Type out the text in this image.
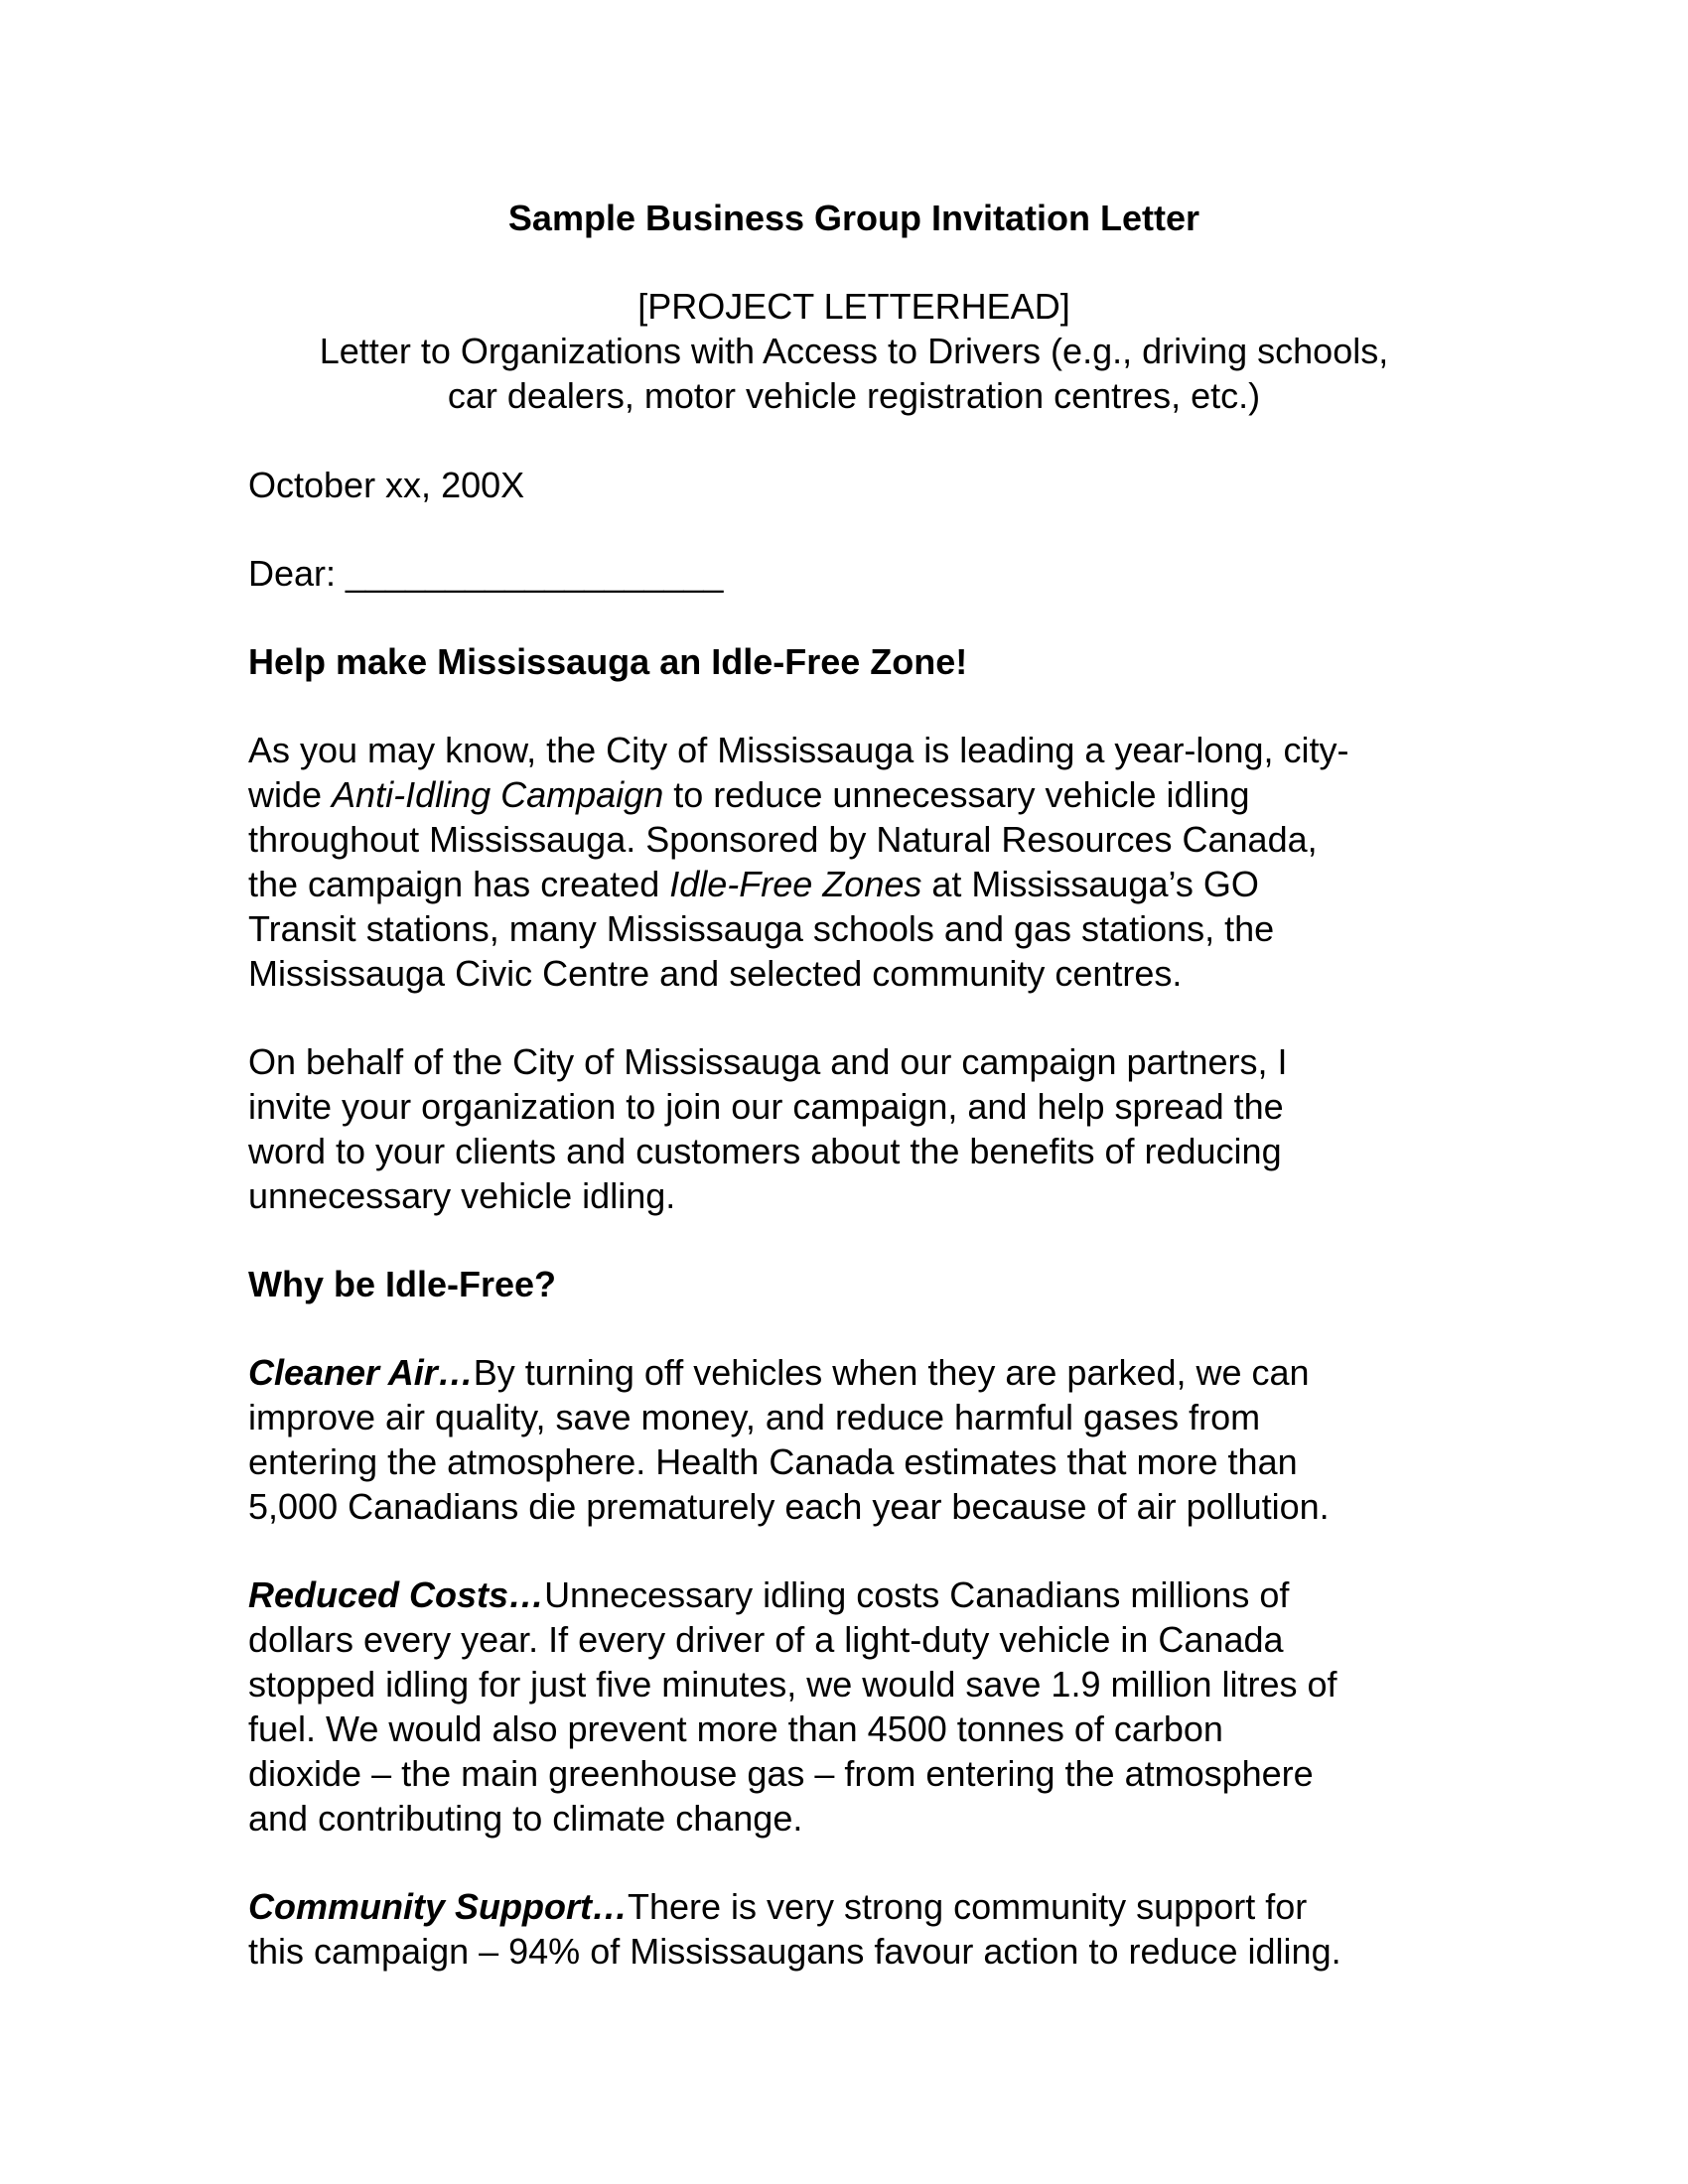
Sample Business Group Invitation Letter

[PROJECT LETTERHEAD]

Letter to Organizations with Access to Drivers (e.g., driving schools,
car dealers, motor vehicle registration centres, etc.)

October xx, 200X

Dear: ___________________

Help make Mississauga an Idle-Free Zone!

As you may know, the City of Mississauga is leading a year-long, city-
wide Anti-Idling Campaign to reduce unnecessary vehicle idling
throughout Mississauga. Sponsored by Natural Resources Canada,
the campaign has created Idle-Free Zones at Mississauga’s GO
Transit stations, many Mississauga schools and gas stations, the
Mississauga Civic Centre and selected community centres.
On behalf of the City of Mississauga and our campaign partners, I
invite your organization to join our campaign, and help spread the
word to your clients and customers about the benefits of reducing
unnecessary vehicle idling.

Why be Idle-Free?

Cleaner Air…By turning off vehicles when they are parked, we can
improve air quality, save money, and reduce harmful gases from
entering the atmosphere. Health Canada estimates that more than
5,000 Canadians die prematurely each year because of air pollution.
Reduced Costs…Unnecessary idling costs Canadians millions of
dollars every year. If every driver of a light-duty vehicle in Canada
stopped idling for just five minutes, we would save 1.9 million litres of
fuel. We would also prevent more than 4500 tonnes of carbon
dioxide – the main greenhouse gas – from entering the atmosphere
and contributing to climate change.
Community Support…There is very strong community support for
this campaign – 94% of Mississaugans favour action to reduce idling.
